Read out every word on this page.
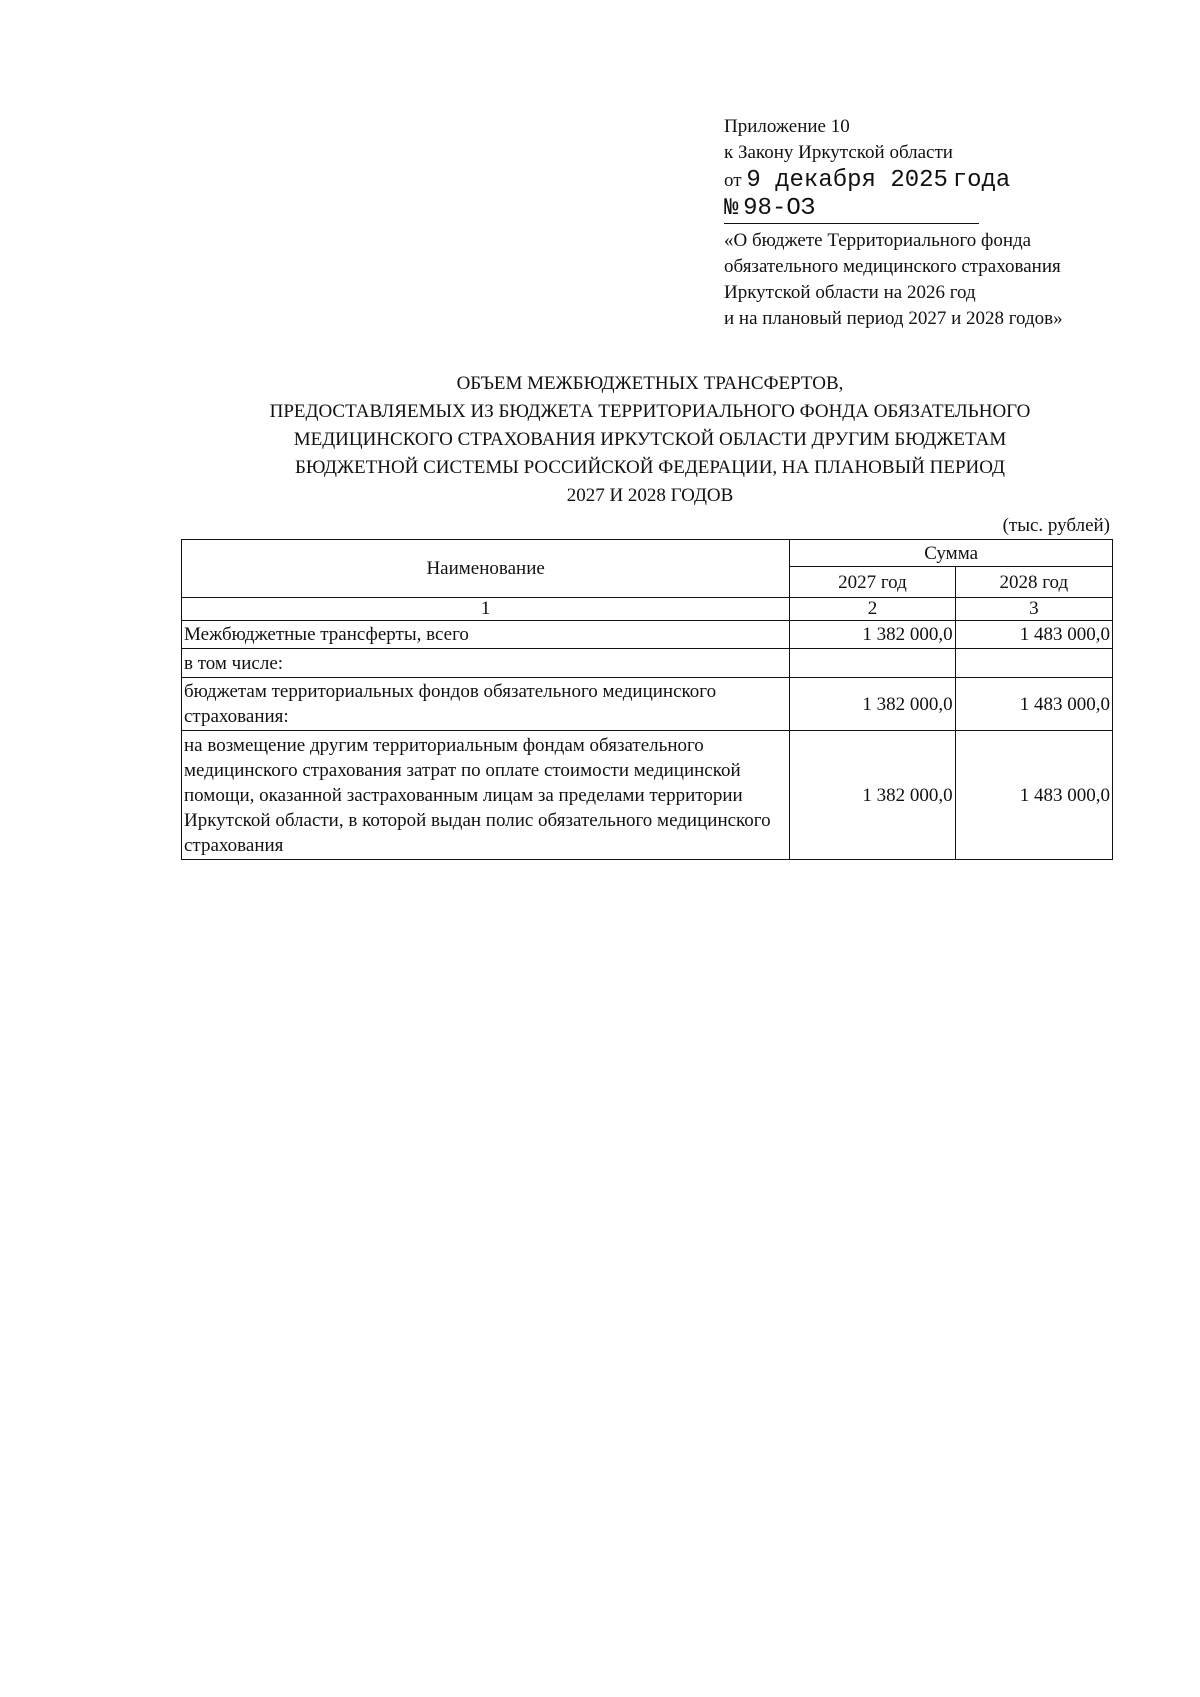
Приложение 10
к Закону Иркутской области
от 9 декабря 2025 года
№ 98-ОЗ
«О бюджете Территориального фонда
обязательного медицинского страхования
Иркутской области на 2026 год
и на плановый период 2027 и 2028 годов»
ОБЪЕМ МЕЖБЮДЖЕТНЫХ ТРАНСФЕРТОВ,
ПРЕДОСТАВЛЯЕМЫХ ИЗ БЮДЖЕТА ТЕРРИТОРИАЛЬНОГО ФОНДА ОБЯЗАТЕЛЬНОГО
МЕДИЦИНСКОГО СТРАХОВАНИЯ ИРКУТСКОЙ ОБЛАСТИ ДРУГИМ БЮДЖЕТАМ
БЮДЖЕТНОЙ СИСТЕМЫ РОССИЙСКОЙ ФЕДЕРАЦИИ, НА ПЛАНОВЫЙ ПЕРИОД
2027 И 2028 ГОДОВ
(тыс. рублей)
Наименование	Сумма	
	2027 год	2028 год
1	2	3
Межбюджетные трансферты, всего	1 382 000,0	1 483 000,0
в том числе:		
бюджетам территориальных фондов обязательного медицинского страхования:	1 382 000,0	1 483 000,0
на возмещение другим территориальным фондам обязательного медицинского страхования затрат по оплате стоимости медицинской помощи, оказанной застрахованным лицам за пределами территории Иркутской области, в которой выдан полис обязательного медицинского страхования	1 382 000,0	1 483 000,0
